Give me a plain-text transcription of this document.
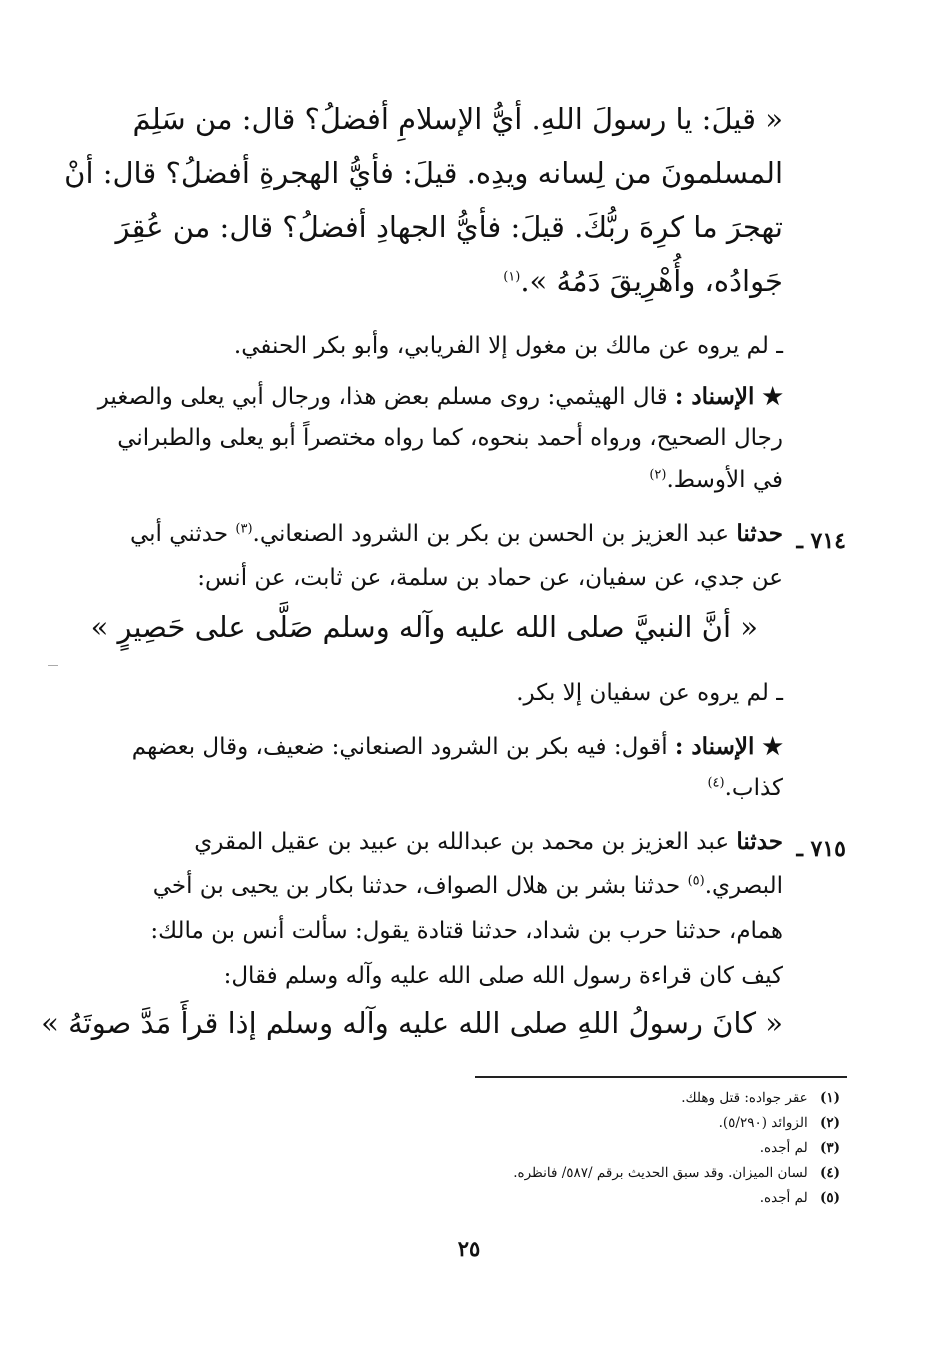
« قيلَ: يا رسولَ اللهِ. أيُّ الإسلامِ أفضلُ؟ قال: من سَلِمَ
المسلمونَ من لِسانه ويدِه. قيلَ: فأيُّ الهجرةِ أفضلُ؟ قال: أنْ
تهجرَ ما كرِهَ ربُّكَ. قيلَ: فأيُّ الجهادِ أفضلُ؟ قال: من عُقِرَ
جَوادُه، وأُهْرِيقَ دَمُهُ ».$^{(١)}$
ـ لم يروه عن مالك بن مغول إلا الفريابي، وأبو بكر الحنفي.
★ الإسناد : قال الهيثمي: روى مسلم بعض هذا، ورجال أبي يعلى والصغير
رجال الصحيح، ورواه أحمد بنحوه، كما رواه مختصراً أبو يعلى والطبراني
في الأوسط.$^{(٢)}$
٧١٤ ـ
حدثنا عبد العزيز بن الحسن بن بكر بن الشرود الصنعاني.$^{(٣)}$ حدثني أبي
عن جدي، عن سفيان، عن حماد بن سلمة، عن ثابت، عن أنس:
« أنَّ النبيَّ صلى الله عليه وآله وسلم صَلَّى على حَصِيرٍ »
ـ لم يروه عن سفيان إلا بكر.
★ الإسناد : أقول: فيه بكر بن الشرود الصنعاني: ضعيف، وقال بعضهم
كذاب.$^{(٤)}$
٧١٥ ـ
حدثنا عبد العزيز بن محمد بن عبدالله بن عبيد بن عقيل المقري
البصري.$^{(٥)}$ حدثنا بشر بن هلال الصواف، حدثنا بكار بن يحيى بن أخي
همام، حدثنا حرب بن شداد، حدثنا قتادة يقول: سألت أنس بن مالك:
كيف كان قراءة رسول الله صلى الله عليه وآله وسلم فقال:
« كانَ رسولُ اللهِ صلى الله عليه وآله وسلم إذا قرأَ مَدَّ صوتَهُ »
(١) عقر جواده: قتل وهلك.
(٢) الزوائد (٥/٢٩٠).
(٣) لم أجده.
(٤) لسان الميزان. وقد سبق الحديث برقم /٥٨٧/ فانظره.
(٥) لم أجده.
٢٥
